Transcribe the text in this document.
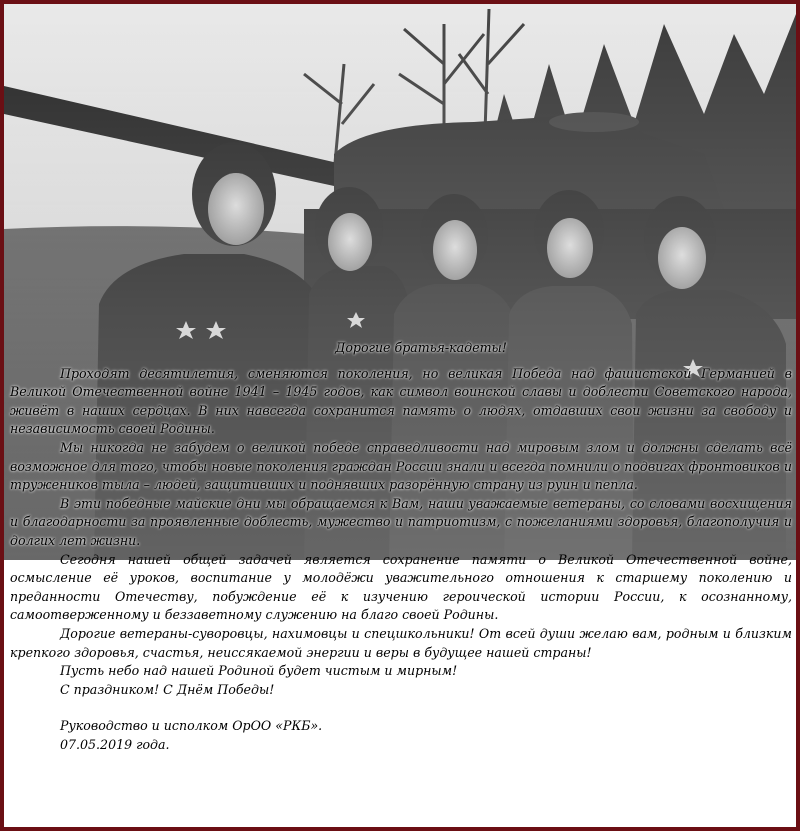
Дорогие братья-кадеты!

Проходят десятилетия, сменяются поколения, но великая Победа над фашистской Германией в Великой Отечественной войне 1941 – 1945 годов, как символ воинской славы и доблести Советского народа, живёт в наших сердцах. В них навсегда сохранится память о людях, отдавших свои жизни за свободу и независимость своей Родины.

Мы никогда не забудем о великой победе справедливости над мировым злом и должны сделать всё возможное для того, чтобы новые поколения граждан России знали и всегда помнили о подвигах фронтовиков и тружеников тыла – людей, защитивших и поднявших разорённую страну из руин и пепла.

В эти победные майские дни мы обращаемся к Вам, наши уважаемые ветераны, со словами восхищения и благодарности за проявленные доблесть, мужество и патриотизм, с пожеланиями здоровья, благополучия и долгих лет жизни.

Сегодня нашей общей задачей является сохранение памяти о Великой Отечественной войне, осмысление её уроков, воспитание у молодёжи уважительного отношения к старшему поколению и преданности Отечеству, побуждение её к изучению героической истории России, к осознанному, самоотверженному и беззаветному служению на благо своей Родины.

Дорогие ветераны-суворовцы, нахимовцы и спецшкольники! От всей души желаю вам, родным и близким крепкого здоровья, счастья, неиссякаемой энергии и веры в будущее нашей страны!

Пусть небо над нашей Родиной будет чистым и мирным!

С праздником! С Днём Победы!

Руководство и исполком ОрОО «РКБ».

07.05.2019 года.
